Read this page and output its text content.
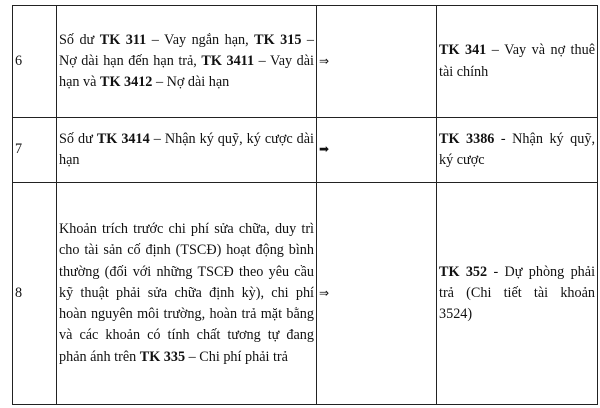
6	Số dư TK 311 – Vay ngắn hạn, TK 315 – Nợ dài hạn đến hạn trả, TK 3411 – Vay dài hạn và TK 3412 – Nợ dài hạn	⇒	TK 341 – Vay và nợ thuê tài chính
7	Số dư TK 3414 – Nhận ký quỹ, ký cược dài hạn	➡	TK 3386 - Nhận ký quỹ, ký cược
8	Khoản trích trước chi phí sửa chữa, duy trì cho tài sản cố định (TSCĐ) hoạt động bình thường (đối với những TSCĐ theo yêu cầu kỹ thuật phải sửa chữa định kỳ), chi phí hoàn nguyên môi trường, hoàn trả mặt bằng và các khoản có tính chất tương tự đang phản ánh trên TK 335 – Chi phí phải trả	⇒	TK 352 - Dự phòng phải trả (Chi tiết tài khoản 3524)
